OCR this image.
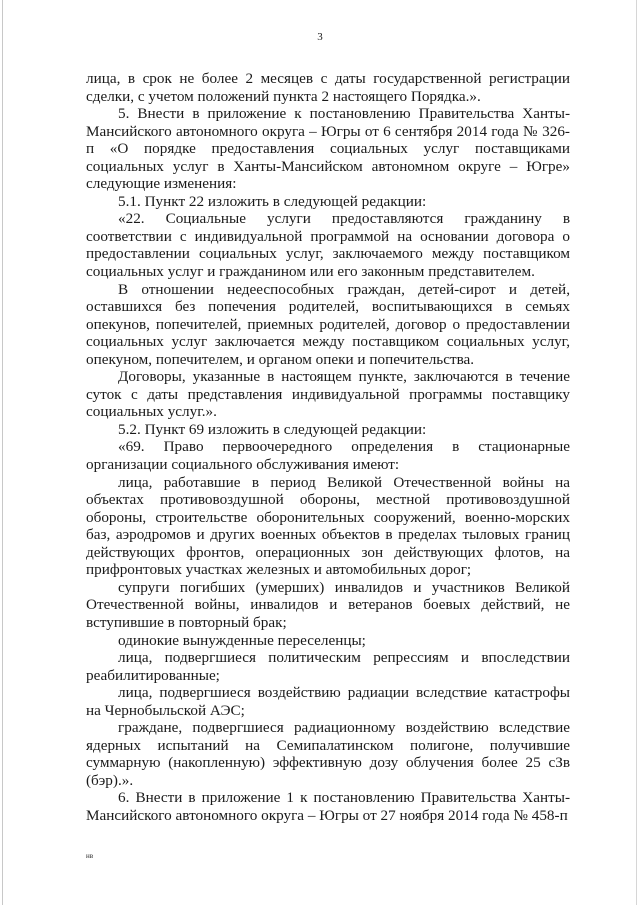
3

лица, в срок не более 2 месяцев с даты государственной регистрации сделки, с учетом положений пункта 2 настоящего Порядка.».

5. Внести в приложение к постановлению Правительства Ханты-Мансийского автономного округа – Югры от 6 сентября 2014 года № 326-п «О порядке предоставления социальных услуг поставщиками социальных услуг в Ханты-Мансийском автономном округе – Югре» следующие изменения:

5.1. Пункт 22 изложить в следующей редакции:

«22. Социальные услуги предоставляются гражданину в соответствии с индивидуальной программой на основании договора о предоставлении социальных услуг, заключаемого между поставщиком социальных услуг и гражданином или его законным представителем.

В отношении недееспособных граждан, детей-сирот и детей, оставшихся без попечения родителей, воспитывающихся в семьях опекунов, попечителей, приемных родителей, договор о предоставлении социальных услуг заключается между поставщиком социальных услуг, опекуном, попечителем, и органом опеки и попечительства.

Договоры, указанные в настоящем пункте, заключаются в течение суток с даты представления индивидуальной программы поставщику социальных услуг.».

5.2. Пункт 69 изложить в следующей редакции:

«69. Право первоочередного определения в стационарные организации социального обслуживания имеют:

лица, работавшие в период Великой Отечественной войны на объектах противовоздушной обороны, местной противовоздушной обороны, строительстве оборонительных сооружений, военно-морских баз, аэродромов и других военных объектов в пределах тыловых границ действующих фронтов, операционных зон действующих флотов, на прифронтовых участках железных и автомобильных дорог;

супруги погибших (умерших) инвалидов и участников Великой Отечественной войны, инвалидов и ветеранов боевых действий, не вступившие в повторный брак;

одинокие вынужденные переселенцы;

лица, подвергшиеся политическим репрессиям и впоследствии реабилитированные;

лица, подвергшиеся воздействию радиации вследствие катастрофы на Чернобыльской АЭС;

граждане, подвергшиеся радиационному воздействию вследствие ядерных испытаний на Семипалатинском полигоне, получившие суммарную (накопленную) эффективную дозу облучения более 25 сЗв (бэр).».

6. Внести в приложение 1 к постановлению Правительства Ханты-Мансийского автономного округа – Югры от 27 ноября 2014 года № 458-п

нв
